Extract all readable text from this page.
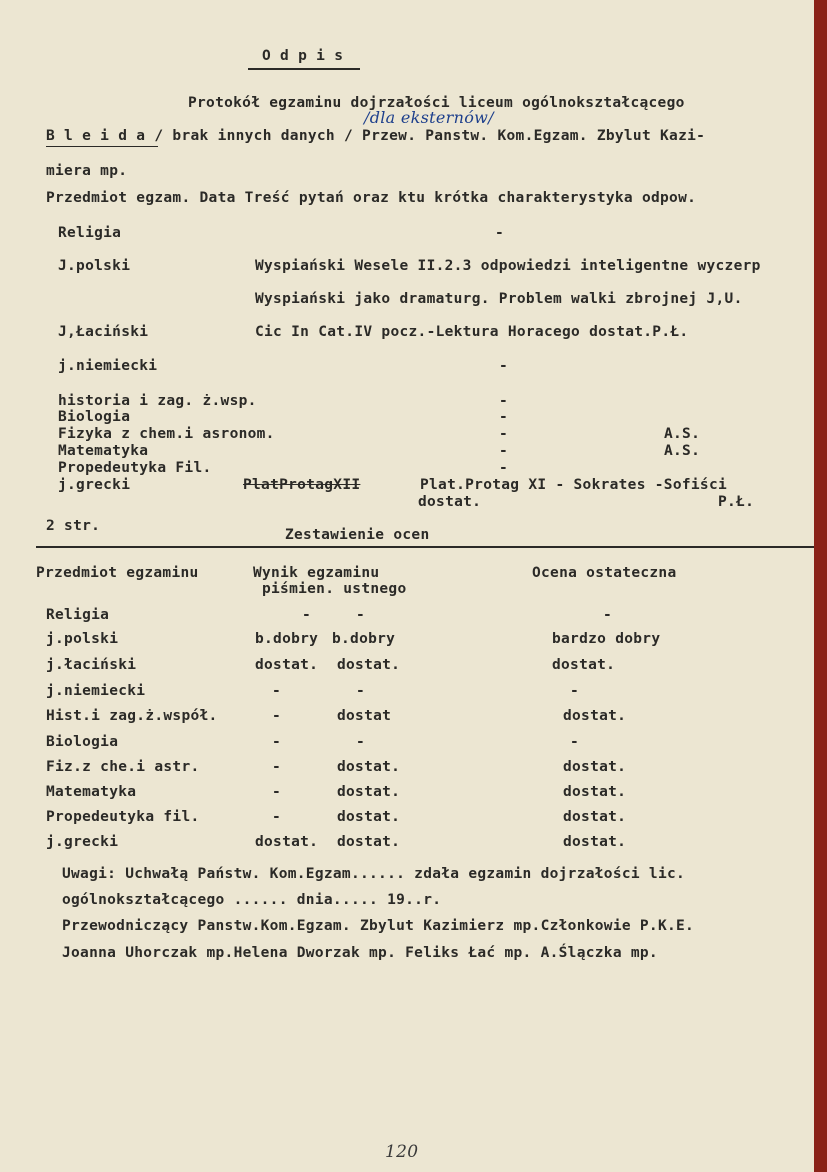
O d p i s
/dla eksternów/
Protokół egzaminu dojrzałości liceum ogólnokształcącego
B l e i d a / brak innych danych / Przew. Panstw. Kom.Egzam. Zbylut Kazi-
miera mp.
Przedmiot egzam. Data Treść pytań oraz ktu krótka charakterystyka odpow.
Religia	-
J.polski	Wyspiański Wesele II.2.3 odpowiedzi inteligentne wyczerp
Wyspiański jako dramaturg. Problem walki zbrojnej J,U.
J,Łaciński	Cic In Cat.IV pocz.-Lektura Horacego dostat.P.Ł.
j.niemiecki	-
historia i zag. ż.wsp.	-
Biologia	-
Fizyka z chem.i asronom.	-	A.S.
Matematyka	-	A.S.
Propedeutyka Fil.	-
j.grecki	PlatProtagXII	Plat.Protag XI - Sokrates -Sofiści
dostat.	P.Ł.
2 str.
Zestawienie ocen
Przedmiot egzaminu	Wynik egzaminu
piśmien. ustnego
Ocena ostateczna
Religia	-	-	-
j.polski	b.dobry b.dobry	bardzo dobry
j.łaciński	dostat. dostat.	dostat.
j.niemiecki	-	-	-
Hist.i zag.ż.współ.	-	dostat	dostat.
Biologia	-	-	-
Fiz.z che.i astr.	-	dostat.	dostat.
Matematyka	-	dostat.	dostat.
Propedeutyka fil.	-	dostat.	dostat.
j.grecki	dostat. dostat.	dostat.
Uwagi: Uchwałą Państw. Kom.Egzam...... zdała egzamin dojrzałości lic.
ogólnokształcącego ...... dnia..... 19..r.
Przewodniczący Panstw.Kom.Egzam. Zbylut Kazimierz mp.Członkowie P.K.E.
Joanna Uhorczak mp.Helena Dworzak mp. Feliks Łać mp. A.Ślączka mp.
120
